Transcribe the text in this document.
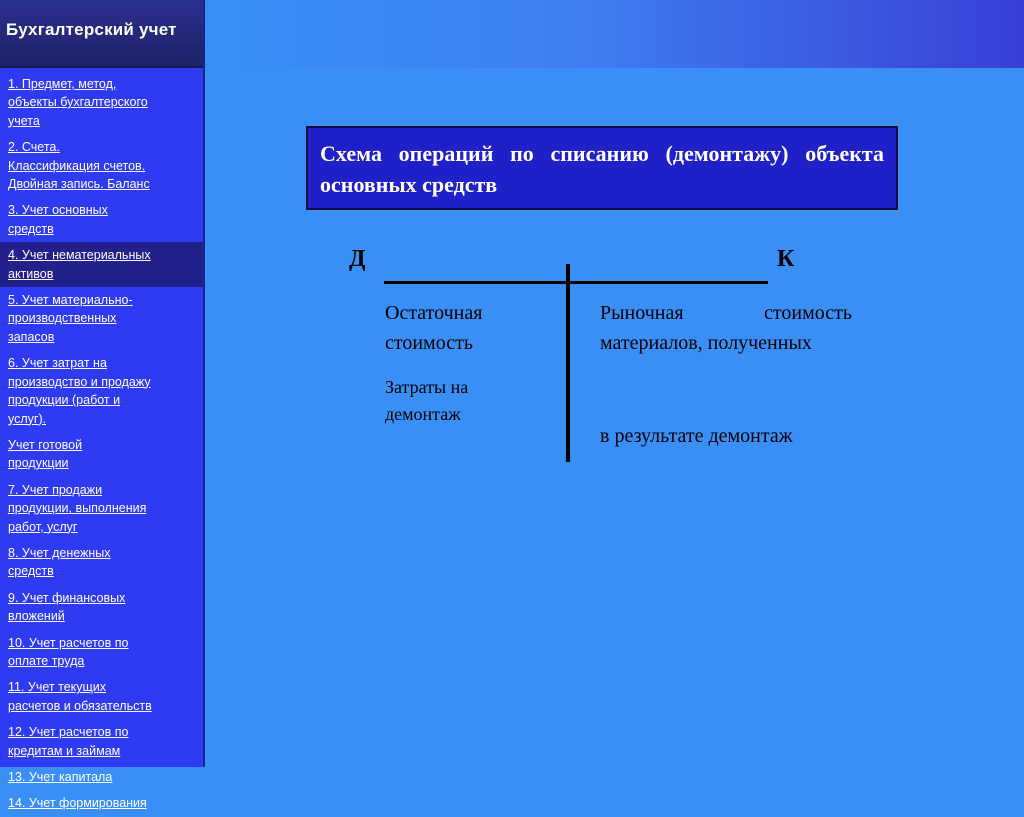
Бухгалтерский учет
1. Предмет, метод,
объекты бухгалтерского
учета
2. Счета.
Классификация счетов.
Двойная запись. Баланс
3. Учет основных
средств
4. Учет нематериальных
активов
5. Учет материально-
производственных
запасов
6. Учет затрат на
производство и продажу
продукции (работ и
услуг).
Учет готовой
продукции
7. Учет продажи
продукции, выполнения
работ, услуг
8. Учет денежных
средств
9. Учет финансовых
вложений
10. Учет расчетов по
оплате труда
11. Учет текущих
расчетов и обязательств
12. Учет расчетов по
кредитам и займам
13. Учет капитала
14. Учет формирования

Схема операций по списанию (демонтажу) объекта основных средств

Д	К

Остаточная
стоимость

Затраты на
демонтаж

Рыночная стоимость материалов, полученных

в результате демонтаж
